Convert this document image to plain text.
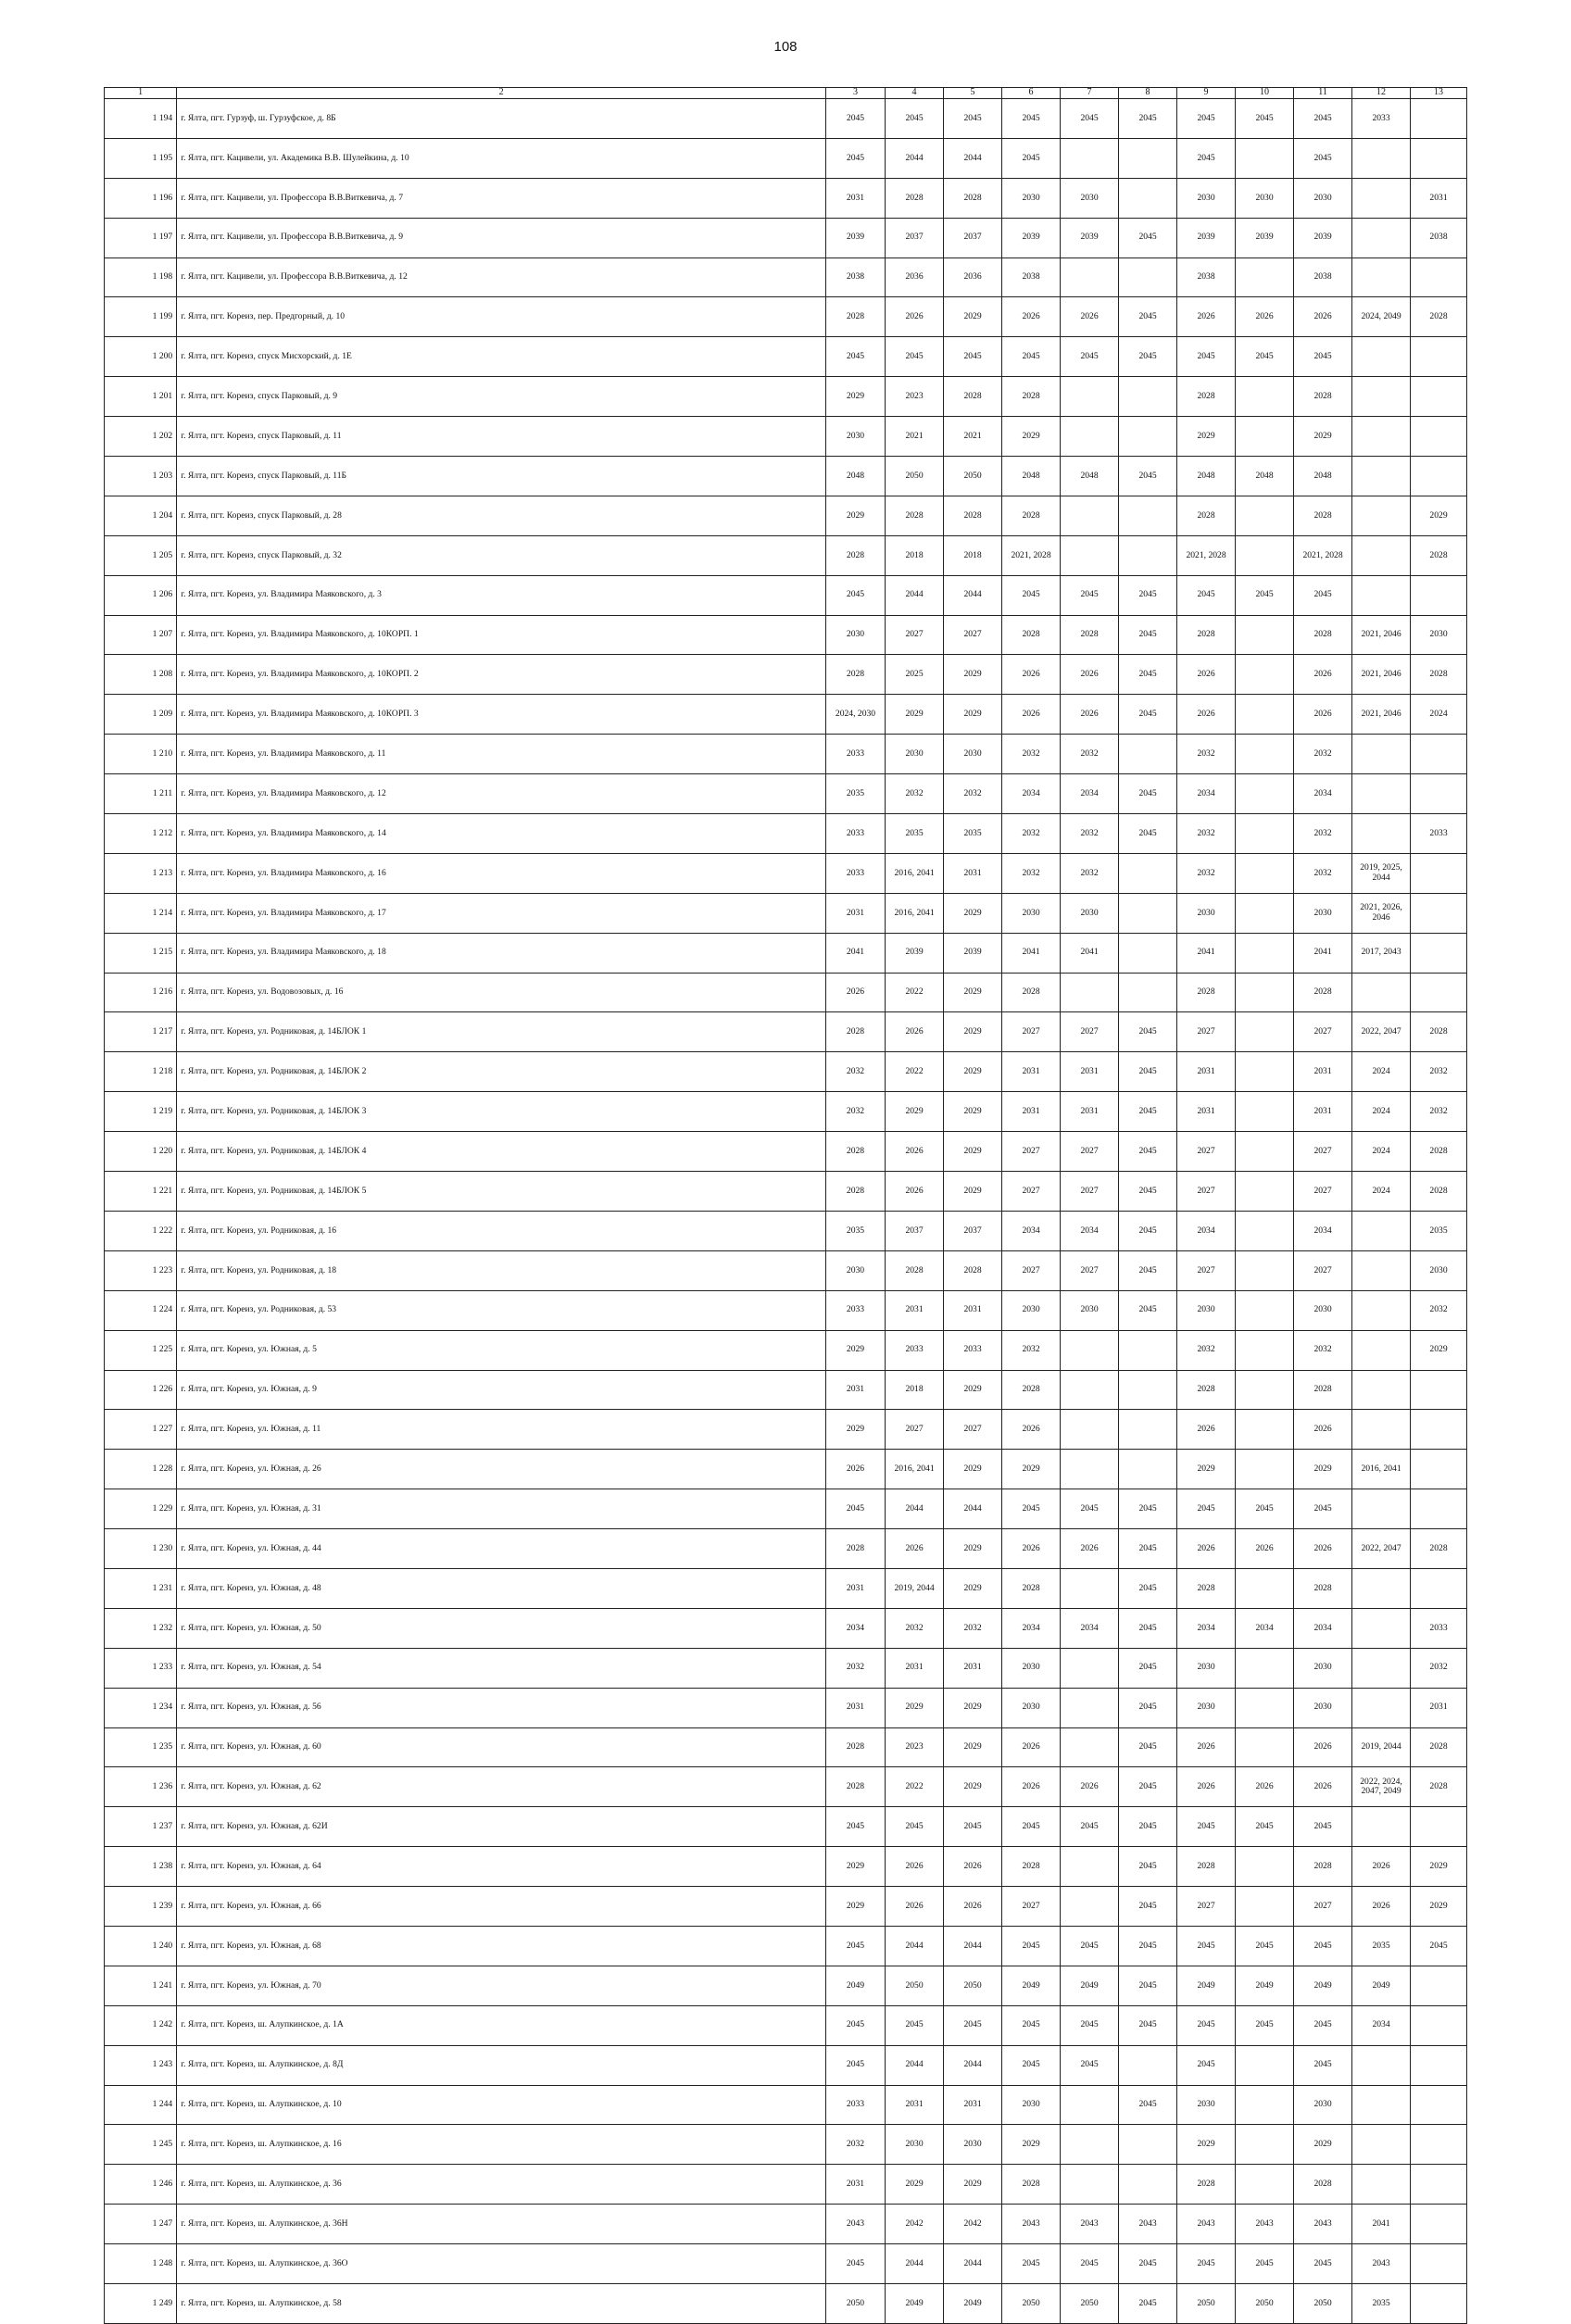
108
1	2	3	4	5	6	7	8	9	10	11	12	13
1 194	г. Ялта, пгт. Гурзуф, ш. Гурзуфское, д. 8Б	2045	2045	2045	2045	2045	2045	2045	2045	2045	2033	
1 195	г. Ялта, пгт. Кацивели, ул. Академика В.В. Шулейкина, д. 10	2045	2044	2044	2045			2045		2045		
1 196	г. Ялта, пгт. Кацивели, ул. Профессора В.В.Виткевича, д. 7	2031	2028	2028	2030	2030		2030	2030	2030		2031
1 197	г. Ялта, пгт. Кацивели, ул. Профессора В.В.Виткевича, д. 9	2039	2037	2037	2039	2039	2045	2039	2039	2039		2038
1 198	г. Ялта, пгт. Кацивели, ул. Профессора В.В.Виткевича, д. 12	2038	2036	2036	2038			2038		2038		
1 199	г. Ялта, пгт. Кореиз, пер. Предгорный, д. 10	2028	2026	2029	2026	2026	2045	2026	2026	2026	2024, 2049	2028
1 200	г. Ялта, пгт. Кореиз, спуск Мисхорский, д. 1Е	2045	2045	2045	2045	2045	2045	2045	2045	2045		
1 201	г. Ялта, пгт. Кореиз, спуск Парковый, д. 9	2029	2023	2028	2028			2028		2028		
1 202	г. Ялта, пгт. Кореиз, спуск Парковый, д. 11	2030	2021	2021	2029			2029		2029		
1 203	г. Ялта, пгт. Кореиз, спуск Парковый, д. 11Б	2048	2050	2050	2048	2048	2045	2048	2048	2048		
1 204	г. Ялта, пгт. Кореиз, спуск Парковый, д. 28	2029	2028	2028	2028			2028		2028		2029
1 205	г. Ялта, пгт. Кореиз, спуск Парковый, д. 32	2028	2018	2018	2021, 2028			2021, 2028		2021, 2028		2028
1 206	г. Ялта, пгт. Кореиз, ул. Владимира Маяковского, д. 3	2045	2044	2044	2045	2045	2045	2045	2045	2045		
1 207	г. Ялта, пгт. Кореиз, ул. Владимира Маяковского, д. 10КОРП. 1	2030	2027	2027	2028	2028	2045	2028		2028	2021, 2046	2030
1 208	г. Ялта, пгт. Кореиз, ул. Владимира Маяковского, д. 10КОРП. 2	2028	2025	2029	2026	2026	2045	2026		2026	2021, 2046	2028
1 209	г. Ялта, пгт. Кореиз, ул. Владимира Маяковского, д. 10КОРП. 3	2024, 2030	2029	2029	2026	2026	2045	2026		2026	2021, 2046	2024
1 210	г. Ялта, пгт. Кореиз, ул. Владимира Маяковского, д. 11	2033	2030	2030	2032	2032		2032		2032		
1 211	г. Ялта, пгт. Кореиз, ул. Владимира Маяковского, д. 12	2035	2032	2032	2034	2034	2045	2034		2034		
1 212	г. Ялта, пгт. Кореиз, ул. Владимира Маяковского, д. 14	2033	2035	2035	2032	2032	2045	2032		2032		2033
1 213	г. Ялта, пгт. Кореиз, ул. Владимира Маяковского, д. 16	2033	2016, 2041	2031	2032	2032		2032		2032	2019, 2025, 2044	
1 214	г. Ялта, пгт. Кореиз, ул. Владимира Маяковского, д. 17	2031	2016, 2041	2029	2030	2030		2030		2030	2021, 2026, 2046	
1 215	г. Ялта, пгт. Кореиз, ул. Владимира Маяковского, д. 18	2041	2039	2039	2041	2041		2041		2041	2017, 2043	
1 216	г. Ялта, пгт. Кореиз, ул. Водовозовых, д. 16	2026	2022	2029	2028			2028		2028		
1 217	г. Ялта, пгт. Кореиз, ул. Родниковая, д. 14БЛОК 1	2028	2026	2029	2027	2027	2045	2027		2027	2022, 2047	2028
1 218	г. Ялта, пгт. Кореиз, ул. Родниковая, д. 14БЛОК 2	2032	2022	2029	2031	2031	2045	2031		2031	2024	2032
1 219	г. Ялта, пгт. Кореиз, ул. Родниковая, д. 14БЛОК 3	2032	2029	2029	2031	2031	2045	2031		2031	2024	2032
1 220	г. Ялта, пгт. Кореиз, ул. Родниковая, д. 14БЛОК 4	2028	2026	2029	2027	2027	2045	2027		2027	2024	2028
1 221	г. Ялта, пгт. Кореиз, ул. Родниковая, д. 14БЛОК 5	2028	2026	2029	2027	2027	2045	2027		2027	2024	2028
1 222	г. Ялта, пгт. Кореиз, ул. Родниковая, д. 16	2035	2037	2037	2034	2034	2045	2034		2034		2035
1 223	г. Ялта, пгт. Кореиз, ул. Родниковая, д. 18	2030	2028	2028	2027	2027	2045	2027		2027		2030
1 224	г. Ялта, пгт. Кореиз, ул. Родниковая, д. 53	2033	2031	2031	2030	2030	2045	2030		2030		2032
1 225	г. Ялта, пгт. Кореиз, ул. Южная, д. 5	2029	2033	2033	2032			2032		2032		2029
1 226	г. Ялта, пгт. Кореиз, ул. Южная, д. 9	2031	2018	2029	2028			2028		2028		
1 227	г. Ялта, пгт. Кореиз, ул. Южная, д. 11	2029	2027	2027	2026			2026		2026		
1 228	г. Ялта, пгт. Кореиз, ул. Южная, д. 26	2026	2016, 2041	2029	2029			2029		2029	2016, 2041	
1 229	г. Ялта, пгт. Кореиз, ул. Южная, д. 31	2045	2044	2044	2045	2045	2045	2045	2045	2045		
1 230	г. Ялта, пгт. Кореиз, ул. Южная, д. 44	2028	2026	2029	2026	2026	2045	2026	2026	2026	2022, 2047	2028
1 231	г. Ялта, пгт. Кореиз, ул. Южная, д. 48	2031	2019, 2044	2029	2028		2045	2028		2028		
1 232	г. Ялта, пгт. Кореиз, ул. Южная, д. 50	2034	2032	2032	2034	2034	2045	2034	2034	2034		2033
1 233	г. Ялта, пгт. Кореиз, ул. Южная, д. 54	2032	2031	2031	2030		2045	2030		2030		2032
1 234	г. Ялта, пгт. Кореиз, ул. Южная, д. 56	2031	2029	2029	2030		2045	2030		2030		2031
1 235	г. Ялта, пгт. Кореиз, ул. Южная, д. 60	2028	2023	2029	2026		2045	2026		2026	2019, 2044	2028
1 236	г. Ялта, пгт. Кореиз, ул. Южная, д. 62	2028	2022	2029	2026	2026	2045	2026	2026	2026	2022, 2024, 2047, 2049	2028
1 237	г. Ялта, пгт. Кореиз, ул. Южная, д. 62И	2045	2045	2045	2045	2045	2045	2045	2045	2045		
1 238	г. Ялта, пгт. Кореиз, ул. Южная, д. 64	2029	2026	2026	2028		2045	2028		2028	2026	2029
1 239	г. Ялта, пгт. Кореиз, ул. Южная, д. 66	2029	2026	2026	2027		2045	2027		2027	2026	2029
1 240	г. Ялта, пгт. Кореиз, ул. Южная, д. 68	2045	2044	2044	2045	2045	2045	2045	2045	2045	2035	2045
1 241	г. Ялта, пгт. Кореиз, ул. Южная, д. 70	2049	2050	2050	2049	2049	2045	2049	2049	2049	2049	
1 242	г. Ялта, пгт. Кореиз, ш. Алупкинское, д. 1А	2045	2045	2045	2045	2045	2045	2045	2045	2045	2034	
1 243	г. Ялта, пгт. Кореиз, ш. Алупкинское, д. 8Д	2045	2044	2044	2045	2045		2045		2045		
1 244	г. Ялта, пгт. Кореиз, ш. Алупкинское, д. 10	2033	2031	2031	2030		2045	2030		2030		
1 245	г. Ялта, пгт. Кореиз, ш. Алупкинское, д. 16	2032	2030	2030	2029			2029		2029		
1 246	г. Ялта, пгт. Кореиз, ш. Алупкинское, д. 36	2031	2029	2029	2028			2028		2028		
1 247	г. Ялта, пгт. Кореиз, ш. Алупкинское, д. 36Н	2043	2042	2042	2043	2043	2043	2043	2043	2043	2041	
1 248	г. Ялта, пгт. Кореиз, ш. Алупкинское, д. 36О	2045	2044	2044	2045	2045	2045	2045	2045	2045	2043	
1 249	г. Ялта, пгт. Кореиз, ш. Алупкинское, д. 58	2050	2049	2049	2050	2050	2045	2050	2050	2050	2035	
